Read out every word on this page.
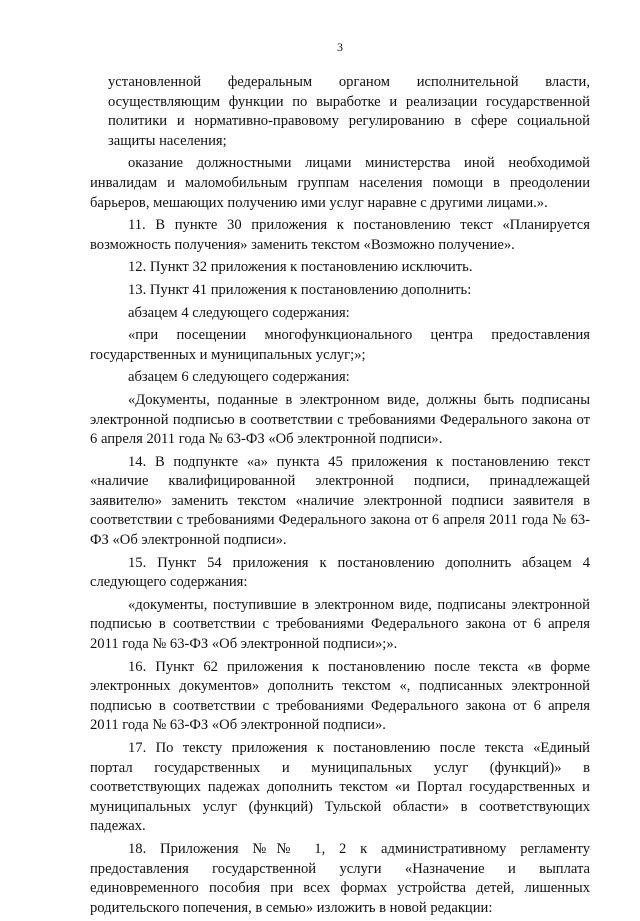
3

установленной федеральным органом исполнительной власти, осуществляющим функции по выработке и реализации государственной политики и нормативно-правовому регулированию в сфере социальной защиты населения;

оказание должностными лицами министерства иной необходимой инвалидам и маломобильным группам населения помощи в преодолении барьеров, мешающих получению ими услуг наравне с другими лицами.».

11. В пункте 30 приложения к постановлению текст «Планируется возможность получения» заменить текстом «Возможно получение».

12. Пункт 32 приложения к постановлению исключить.

13. Пункт 41 приложения к постановлению дополнить:

абзацем 4 следующего содержания:

«при посещении многофункционального центра предоставления государственных и муниципальных услуг;»;

абзацем 6 следующего содержания:

«Документы, поданные в электронном виде, должны быть подписаны электронной подписью в соответствии с требованиями Федерального закона от 6 апреля 2011 года № 63-ФЗ «Об электронной подписи».

14. В подпункте «а» пункта 45 приложения к постановлению текст «наличие квалифицированной электронной подписи, принадлежащей заявителю» заменить текстом «наличие электронной подписи заявителя в соответствии с требованиями Федерального закона от 6 апреля 2011 года № 63-ФЗ «Об электронной подписи».

15. Пункт 54 приложения к постановлению дополнить абзацем 4 следующего содержания:

«документы, поступившие в электронном виде, подписаны электронной подписью в соответствии с требованиями Федерального закона от 6 апреля 2011 года № 63-ФЗ «Об электронной подписи»;».

16. Пункт 62 приложения к постановлению после текста «в форме электронных документов» дополнить текстом «, подписанных электронной подписью в соответствии с требованиями Федерального закона от 6 апреля 2011 года № 63-ФЗ «Об электронной подписи».

17. По тексту приложения к постановлению после текста «Единый портал государственных и муниципальных услуг (функций)» в соответствующих падежах дополнить текстом «и Портал государственных и муниципальных услуг (функций) Тульской области» в соответствующих падежах.

18. Приложения №№ 1, 2 к административному регламенту предоставления государственной услуги «Назначение и выплата единовременного пособия при всех формах устройства детей, лишенных родительского попечения, в семью» изложить в новой редакции:
